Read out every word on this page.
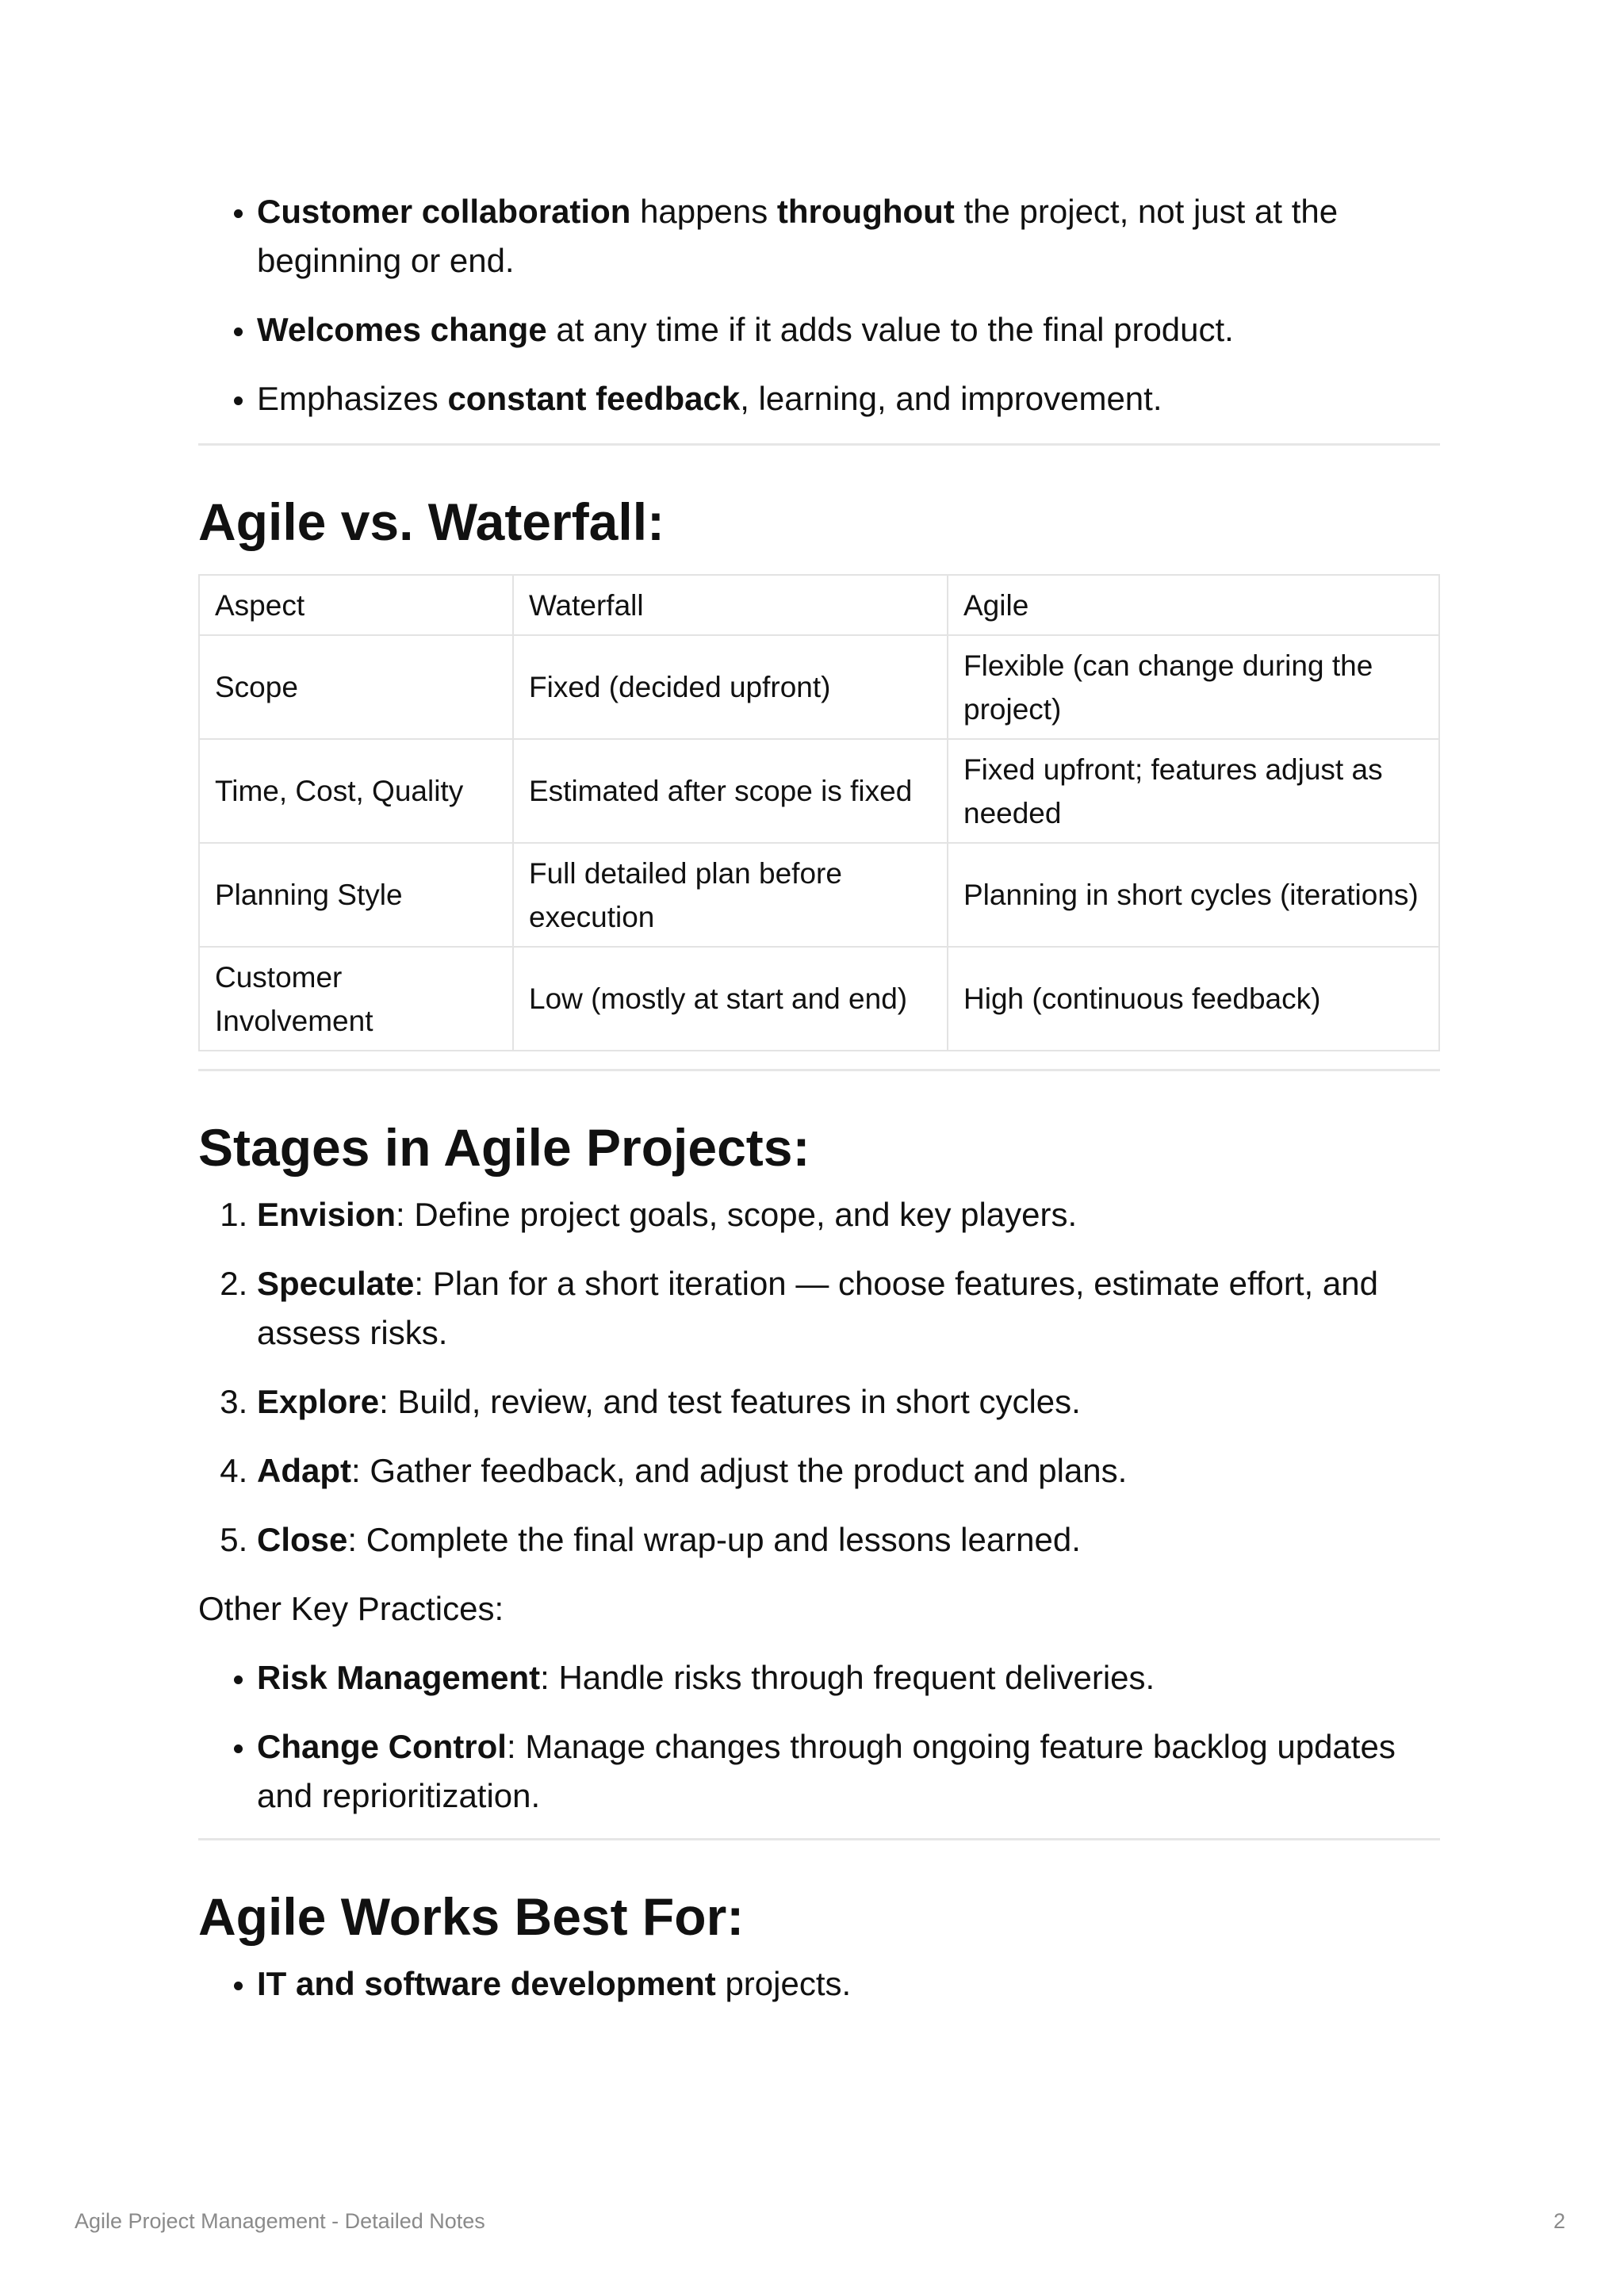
• Customer collaboration happens throughout the project, not just at the beginning or end.
• Welcomes change at any time if it adds value to the final product.
• Emphasizes constant feedback, learning, and improvement.
Agile vs. Waterfall:
Aspect	Waterfall	Agile
Scope	Fixed (decided upfront)	Flexible (can change during the project)
Time, Cost, Quality	Estimated after scope is fixed	Fixed upfront; features adjust as needed
Planning Style	Full detailed plan before execution	Planning in short cycles (iterations)
Customer Involvement	Low (mostly at start and end)	High (continuous feedback)
Stages in Agile Projects:
1. Envision: Define project goals, scope, and key players.
2. Speculate: Plan for a short iteration — choose features, estimate effort, and assess risks.
3. Explore: Build, review, and test features in short cycles.
4. Adapt: Gather feedback, and adjust the product and plans.
5. Close: Complete the final wrap-up and lessons learned.

Other Key Practices:

• Risk Management: Handle risks through frequent deliveries.
• Change Control: Manage changes through ongoing feature backlog updates and reprioritization.
Agile Works Best For:
• IT and software development projects.
Agile Project Management - Detailed Notes	2
